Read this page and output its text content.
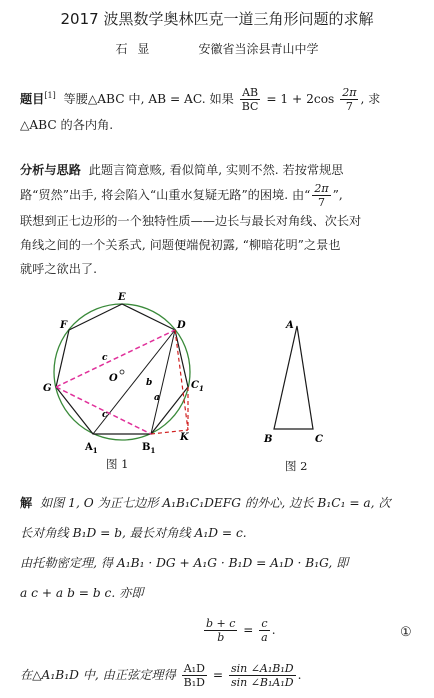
2017 波黑数学奥林匹克一道三角形问题的求解
石 显	安徽省当涂县青山中学
题目[1] 等腰△ABC 中, AB = AC. 如果 $\frac{AB}{BC} = 1 + 2\cos \frac{2\pi}{7}$ , 求
△ABC 的各内角.
分析与思路 此题言简意赅, 看似简单, 实则不然. 若按常规思
路“贸然”出手, 将会陷入“山重水复疑无路”的困境. 由“ $\frac{2\pi}{7}$ ”,
联想到正七边形的一个独特性质——边长与最长对角线、次长对
角线之间的一个关系式, 问题便端倪初露, “柳暗花明”之景也
就呼之欲出了.
E
F	D
G
O
$C_1$
$A_1$	$B_1$
K
a
b
c
c
图 1
A
B	C
图 2
解 如图 1, O 为正七边形 A₁B₁C₁DEFG 的外心, 边长 B₁C₁ = a, 次
长对角线 B₁D = b, 最长对角线 A₁D = c.
由托勒密定理, 得 A₁B₁ · DG + A₁G · B₁D = A₁D · B₁G, 即
a c + a b = b c. 亦即
$\frac{b + c}{b} = \frac{c}{a}$ .	①
在△A₁B₁D 中, 由正弦定理得 $\frac{\text{A₁D}}{\text{B₁D}} = \frac{\text{sin ∠A₁B₁D}}{\text{sin ∠B₁A₁D}}$ .
